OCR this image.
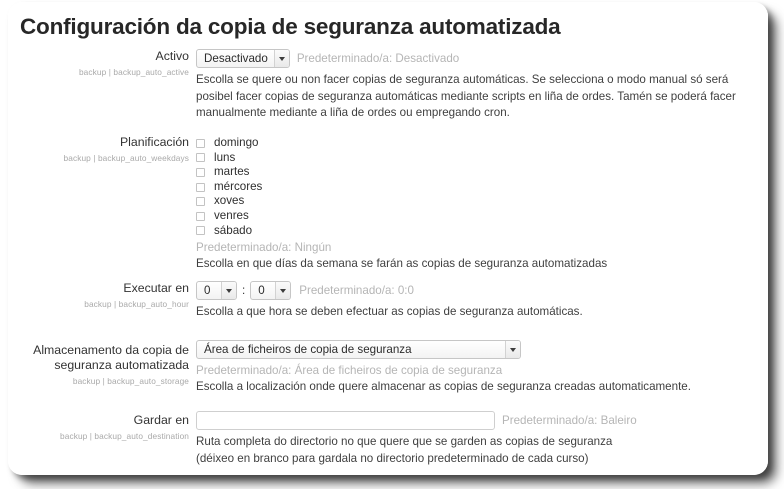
Configuración da copia de seguranza automatizada
Activo
backup | backup_auto_active
Desactivado	Predeterminado/a: Desactivado
Escolla se quere ou non facer copias de seguranza automáticas. Se selecciona o modo manual só será posibel facer copias de seguranza automáticas mediante scripts en liña de ordes. Tamén se poderá facer manualmente mediante a liña de ordes ou empregando cron.
Planificación
backup | backup_auto_weekdays
domingo
luns
martes
mércores
xoves
venres
sábado
Predeterminado/a: Ningún
Escolla en que días da semana se farán as copias de seguranza automatizadas
Executar en
backup | backup_auto_hour
0	:	0	Predeterminado/a: 0:0
Escolla a que hora se deben efectuar as copias de seguranza automáticas.
Almacenamento da copia de seguranza automatizada
backup | backup_auto_storage
Área de ficheiros de copia de seguranza
Predeterminado/a: Área de ficheiros de copia de seguranza
Escolla a localización onde quere almacenar as copias de seguranza creadas automaticamente.
Gardar en
backup | backup_auto_destination
Predeterminado/a: Baleiro
Ruta completa do directorio no que quere que se garden as copias de seguranza
(déixeo en branco para gardala no directorio predeterminado de cada curso)
